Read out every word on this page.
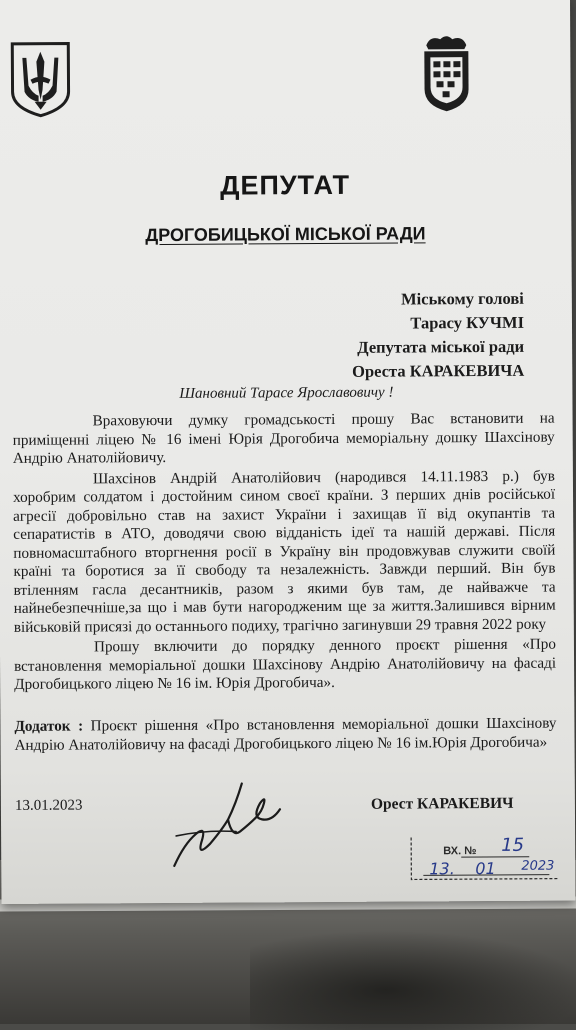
ДЕПУТАТ
ДРОГОБИЦЬКОЇ МІСЬКОЇ РАДИ
Міському голові
Тарасу КУЧМІ
Депутата міської ради
Ореста КАРАКЕВИЧА
Шановний Тарасе Ярославовичу !

Враховуючи думку громадськості прошу Вас встановити на приміщенні ліцею № 16 імені Юрія Дрогобича меморіальну дошку Шахсінову Андрію Анатолійовичу.

Шахсінов Андрій Анатолійович (народився 14.11.1983 р.) був хоробрим солдатом і достойним сином своєї країни. З перших днів російської агресії добровільно став на захист України і захищав її від окупантів та сепаратистів в АТО, доводячи свою відданість ідеї та нашій державі. Після повномасштабного вторгнення росії в Україну він продовжував служити своїй країні та боротися за її свободу та незалежність. Завжди перший. Він був втіленням гасла десантників, разом з якими був там, де найважче та найнебезпечніше,за що і мав бути нагородженим ще за життя.Залишився вірним військовій присязі до останнього подиху, трагічно загинувши 29 травня 2022 року

Прошу включити до порядку денного проєкт рішення «Про встановлення меморіальної дошки Шахсінову Андрію Анатолійовичу на фасаді Дрогобицького ліцею № 16 ім. Юрія Дрогобича».

Додаток : Проєкт рішення «Про встановлення меморіальної дошки Шахсінову Андрію Анатолійовичу на фасаді Дрогобицького ліцею № 16 ім.Юрія Дрогобича»
13.01.2023	Орест КАРАКЕВИЧ
ВХ. № 15
13. 01 2023
